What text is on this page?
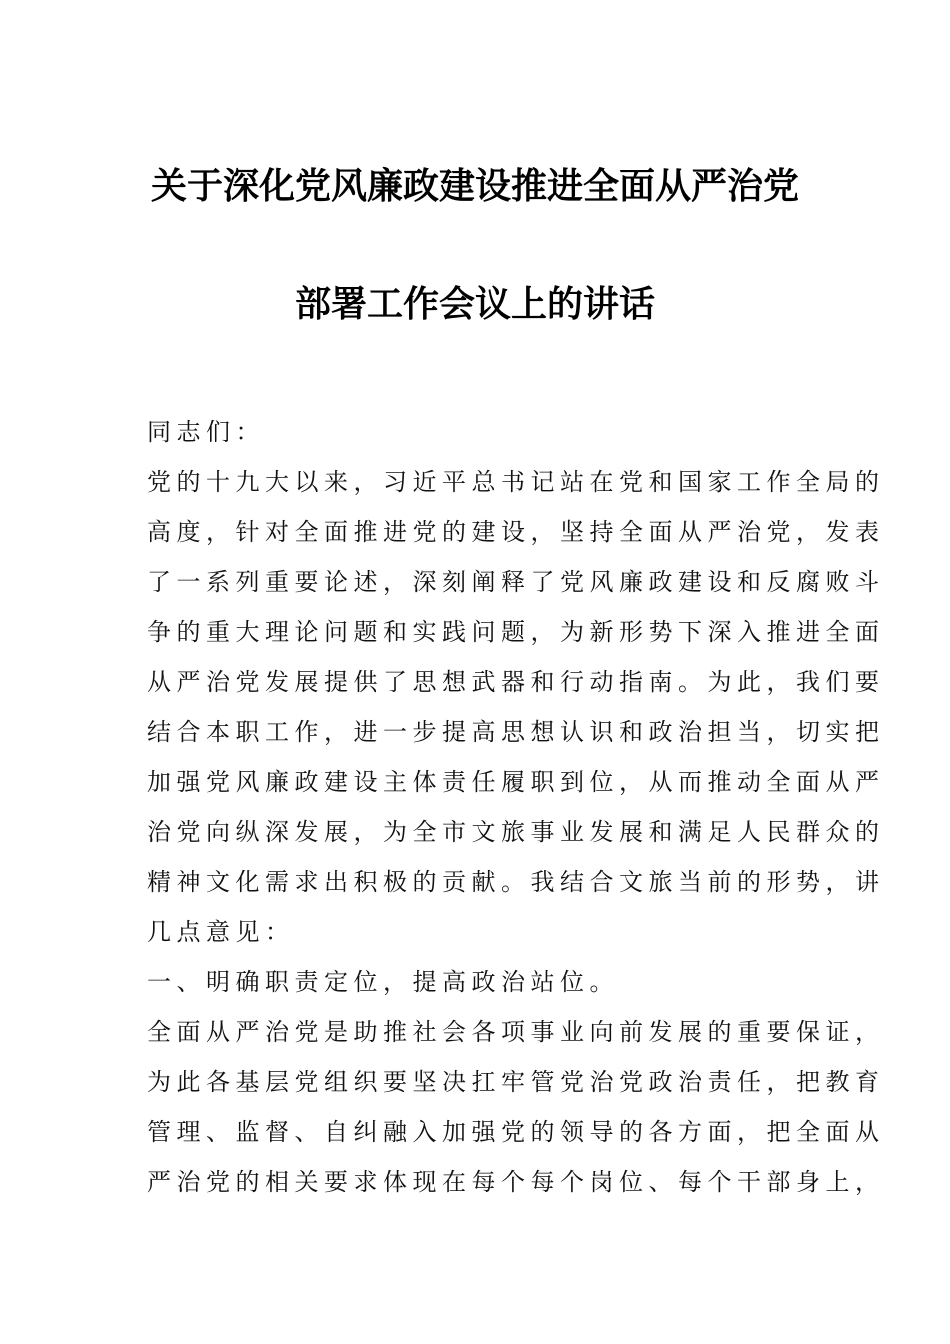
关于深化党风廉政建设推进全面从严治党
部署工作会议上的讲话
同志们：
党的十九大以来，习近平总书记站在党和国家工作全局的
高度，针对全面推进党的建设，坚持全面从严治党，发表
了一系列重要论述，深刻阐释了党风廉政建设和反腐败斗
争的重大理论问题和实践问题，为新形势下深入推进全面
从严治党发展提供了思想武器和行动指南。为此，我们要
结合本职工作，进一步提高思想认识和政治担当，切实把
加强党风廉政建设主体责任履职到位，从而推动全面从严
治党向纵深发展，为全市文旅事业发展和满足人民群众的
精神文化需求出积极的贡献。我结合文旅当前的形势，讲
几点意见：
一、明确职责定位，提高政治站位。
全面从严治党是助推社会各项事业向前发展的重要保证，
为此各基层党组织要坚决扛牢管党治党政治责任，把教育
管理、监督、自纠融入加强党的领导的各方面，把全面从
严治党的相关要求体现在每个每个岗位、每个干部身上，
